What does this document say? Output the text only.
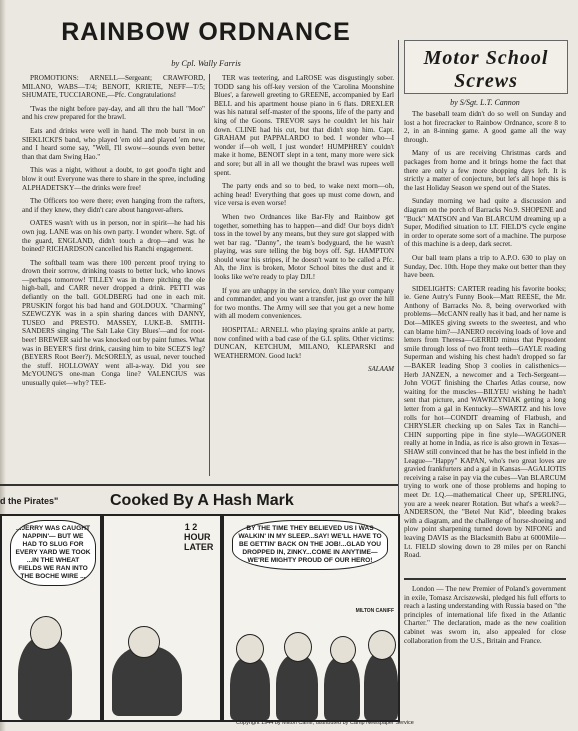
RAINBOW ORDNANCE
by Cpl. Wally Farris

PROMOTIONS: ARNELL—Sergeant; CRAWFORD, MILANO, WABS—T/4; BENOIT, KRIETE, NEFF—T/5; SHUMATE, TUCCIARONE,—Pfc. Congratulations!

'Twas the night before pay-day, and all thru the hall "Moe" and his crew prepared for the brawl.

Eats and drinks were well in hand. The mob burst in on SIEKLICKI'S band, who played 'em old and played 'em new, and I heard some say, "Well, I'll swow—sounds even better than that darn Swing Hao."

This was a night, without a doubt, to get good'n tight and blow it out! Everyone was there to share in the spree, including ALPHADETSKY—the drinks were free!

The Officers too were there; even hanging from the rafters, and if they knew, they didn't care about hangover-afters.

OATES wasn't with us in person, nor in spirit—he had his own jug. LANE was on his own party. I wonder where. Sgt. of the guard, ENGLAND, didn't touch a drop—and was he boined? RICHARDSON cancelled his Ranchi engagement.

The softball team was there 100 percent proof trying to drown their sorrow, drinking toasts to better luck, who knows—perhaps tomorrow! TILLEY was in there pitching the ole high-ball, and CARR never dropped a drink. PETTI was defiantly on the ball. GOLDBERG had one in each mit. PRUSKIN forgot his bad hand and GOLDOUX. "Charming" SZEWCZYK was in a spin sharing dances with DANNY, TUSEO and PRESTO. MASSEY, LUKE-B. SMITH-SANDERS singing 'The Salt Lake City Blues'—and for root-beer! BREWER said he was knocked out by paint fumes. What was in BEYER'S first drink, causing him to bite SCEZ'S leg? (BEYERS Root Beer?). McSORELY, as usual, never touched the stuff. HOLLOWAY went all-a-way. Did you see McYOUNG'S one-man Conga line? VALENCIUS was unusually quiet—why? TEE-

TER was teetering, and LaROSE was disgustingly sober. TODD sang his off-key version of the 'Carolina Moonshine Blues', a farewell greeting to GREENE, accompanied by Earl BELL and his apartment house piano in 6 flats. DREXLER was his natural self-master of the spoons, life of the party and king of the Goons. TREVOR says he couldn't let his hair down. CLINE had his cut, but that didn't stop him. Capt. GRAHAM put PAPPALARDO to bed. I wonder who—I wonder if—oh well, I just wonder! HUMPHREY couldn't make it home, BENOIT slept in a tent, many more were sick and sore; but all in all we thought the brawl was rupees well spent.

The party ends and so to bed, to wake next morn—oh, aching head! Everything that goes up must come down, and vice versa is even worse!

When two Ordnances like Bar-Fly and Rainbow get together, something has to happen—and did! Our boys didn't toss in the towel by any means, but they sure got slapped with wet bar rag. "Danny", the team's bodyguard, the he wasn't playing, was sure telling the big boys off. Sgt. HAMPTON should wear his stripes, if he doesn't want to be called a Pfc. Ah, the Jinx is broken, Motor School bites the dust and it looks like we're ready to play DJL!

If you are unhappy in the service, don't like your company and commander, and you want a transfer, just go over the hill for two months. The Army will see that you get a new home with all modern conveniences.

HOSPITAL: ARNELL who playing sprains ankle at party, now confined with a bad case of the G.I. splits. Other victims: DUNCAN, KETCHUM, MILANO, KLEPARSKI and WEATHERMON. Good luck!

SALAAM
Motor School Screws
by S/Sgt. L.T. Cannon

The baseball team didn't do so well on Sunday and lost a hot firecracker to Rainbow Ordnance, score 8 to 2, in an 8-inning game. A good game all the way through.

Many of us are receiving Christmas cards and packages from home and it brings home the fact that there are only a few more shopping days left. It is strictly a matter of conjecture, but let's all hope this is the last Holiday Season we spend out of the States.

Sunday morning we had quite a discussion and diagram on the porch of Barracks No.9. SHOPENE and "Buck" MATSON and Van BLARCUM dreaming up a Super, Modified situation to LT. FIELD'S cycle engine in order to operate some sort of a machine. The purpose of this machine is a deep, dark secret.

Our ball team plans a trip to A.P.O. 630 to play on Sunday, Dec. 10th. Hope they make out better than they have been.

SIDELIGHTS: CARTER reading his favorite books; ie. Gene Autry's Funny Book—Matt REESE, the Mr. Anthony of Barracks No. 8, being overworked with problems—McCANN really has it bad, and her name is Dot—MIKES giving sweets to the sweetest, and who can blame him?—JANERO receiving loads of love and letters from Theresa—GERRID minus that Pepsodent smile through loss of two front teeth—GAYLE reading Superman and wishing his chest hadn't dropped so far—BAKER leading Shop 3 coolies in calisthenics—Herb JANZEN, a newcomer and a Tech-Sergeant—John VOGT finishing the Charles Atlas course, now waiting for the muscles—BILYEU wishing he hadn't sent that picture, and WAWRZYNIAK getting a long letter from a gal in Kentucky—SWARTZ and his love rolls for hot—CONDIT dreaming of Flatbush, and CHRYSLER checking up on Sales Tax in Ranchi—CHIN supporting pipe in fine style—WAGGONER really at home in India, as rice is also grown in Texas—SHAW still convinced that he has the best infield in the League—"Happy" KAPAN, who's two great loves are gravied frankfurters and a gal in Kansas—AGALIOTIS receiving a raise in pay via the cubes—Van BLARCUM trying to work one of those problems and hoping to meet Dr. I.Q.—mathematical Cheer up, SPERLING, you are a week nearer Rotation. But what's a week?—ANDERSON, the "Betel Nut Kid", bleeding brakes with a diagram, and the challenge of horse-shoeing and plow point sharpening turned down by NIFONG and leaving DAVIS as the Blacksmith Babu at 6000Mile—Lt. FIELD slowing down to 28 miles per on Ranchi Road.

London — The new Premier of Poland's government in exile, Tomasz Arciszewski, pledged his full efforts to reach a lasting understanding with Russia based on "the principles of international life fixed in the Atlantic Charter." The declaration, made as the new coalition cabinet was sworn in, also appealed for close collaboration from the U.S., Britain and France.

d the Pirates"	Cooked By A Hash Mark
...JERRY WAS CAUGHT NAPPIN'— BUT WE HAD TO SLUG FOR EVERY YARD WE TOOK ...IN THE WHEAT FIELDS WE RAN INTO THE BOCHE WIRE ...
1 2 HOUR LATER
BY THE TIME THEY BELIEVED US I WAS WALKIN' IN MY SLEEP...SAY! WE'LL HAVE TO BE GETTIN' BACK ON THE JOB!...GLAD YOU DROPPED IN, ZINKY...COME IN ANYTIME—WE'RE MIGHTY PROUD OF OUR HERO!
MILTON CANIFF
Copyright 1944 by Milton Caniff, distributed by Camp Newspaper Service
